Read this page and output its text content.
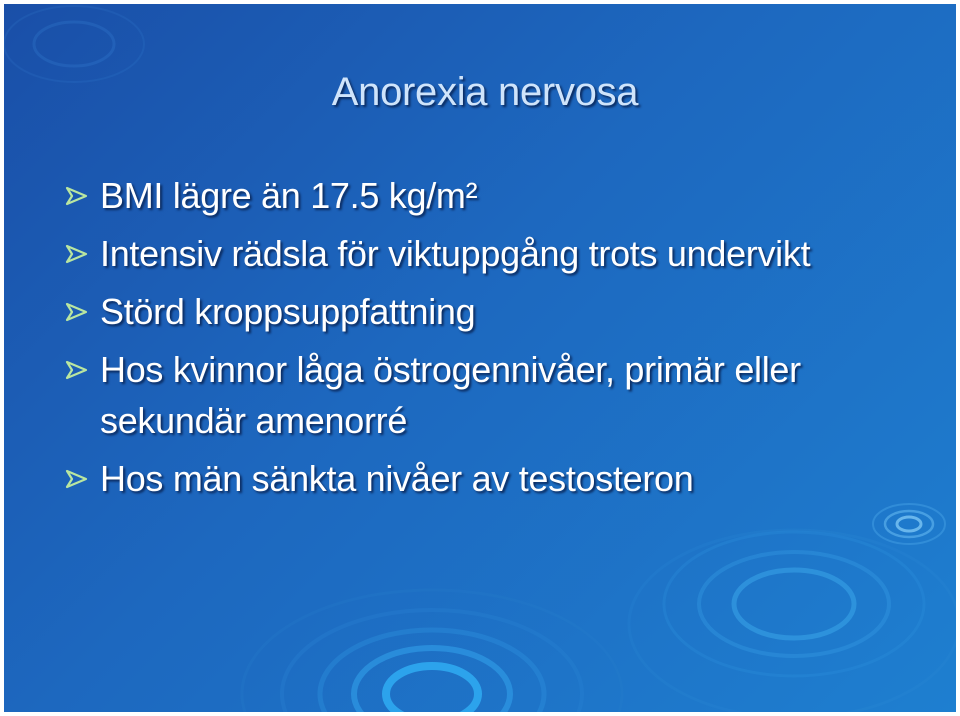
Anorexia nervosa
BMI lägre än 17.5 kg/m²
Intensiv rädsla för viktuppgång trots undervikt
Störd kroppsuppfattning
Hos kvinnor låga östrogennivåer, primär eller sekundär amenorré
Hos män sänkta nivåer av testosteron
